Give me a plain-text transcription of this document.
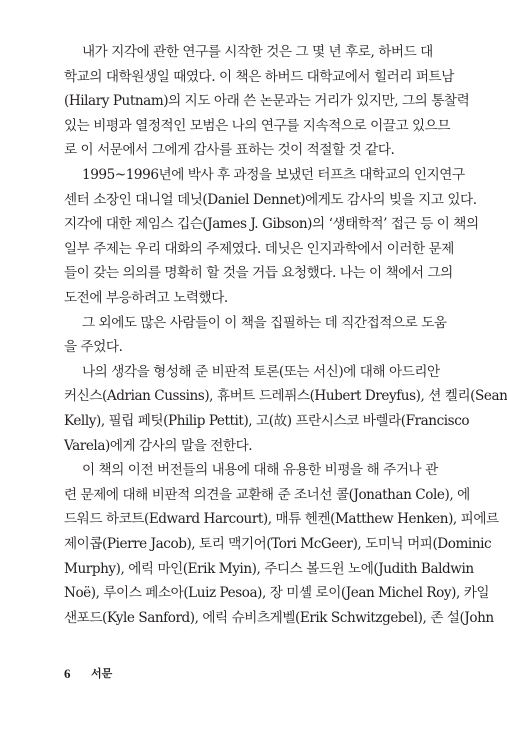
내가 지각에 관한 연구를 시작한 것은 그 몇 년 후로, 하버드 대
학교의 대학원생일 때였다. 이 책은 하버드 대학교에서 힐러리 퍼트남
(Hilary Putnam)의 지도 아래 쓴 논문과는 거리가 있지만, 그의 통찰력
있는 비평과 열정적인 모범은 나의 연구를 지속적으로 이끌고 있으므
로 이 서문에서 그에게 감사를 표하는 것이 적절할 것 같다.
1995~1996년에 박사 후 과정을 보냈던 터프츠 대학교의 인지연구
센터 소장인 대니얼 데닛(Daniel Dennet)에게도 감사의 빚을 지고 있다.
지각에 대한 제임스 깁슨(James J. Gibson)의 ‘생태학적’ 접근 등 이 책의
일부 주제는 우리 대화의 주제였다. 데닛은 인지과학에서 이러한 문제
들이 갖는 의의를 명확히 할 것을 거듭 요청했다. 나는 이 책에서 그의
도전에 부응하려고 노력했다.
그 외에도 많은 사람들이 이 책을 집필하는 데 직간접적으로 도움
을 주었다.
나의 생각을 형성해 준 비판적 토론(또는 서신)에 대해 아드리안
커신스(Adrian Cussins), 휴버트 드레퓌스(Hubert Dreyfus), 션 켈리(Sean
Kelly), 필립 페팃(Philip Pettit), 고(故) 프란시스코 바렐라(Francisco
Varela)에게 감사의 말을 전한다.
이 책의 이전 버전들의 내용에 대해 유용한 비평을 해 주거나 관
련 문제에 대해 비판적 의견을 교환해 준 조너선 콜(Jonathan Cole), 에
드워드 하코트(Edward Harcourt), 매튜 헨켄(Matthew Henken), 피에르
제이콥(Pierre Jacob), 토리 맥기어(Tori McGeer), 도미닉 머피(Dominic
Murphy), 에릭 마인(Erik Myin), 주디스 볼드윈 노에(Judith Baldwin
Noë), 루이스 페소아(Luiz Pesoa), 장 미셸 로이(Jean Michel Roy), 카일
샌포드(Kyle Sanford), 에릭 슈비츠게벨(Erik Schwitzgebel), 존 설(John
6 서문
